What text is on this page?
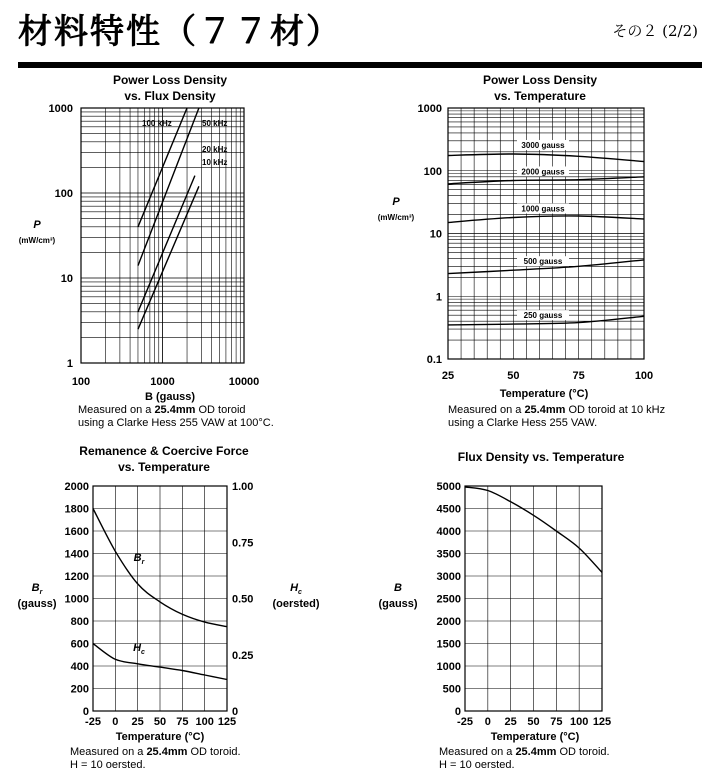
材料特性（７７材）	その２ (2/2)
Power Loss Density
vs. Flux Density
1000
100
10
1
100	1000	10000
B (gauss)
P
(mW/cm³)
100 kHz	50 kHz
20 kHz
10 kHz
Measured on a 25.4mm OD toroid
using a Clarke Hess 255 VAW at 100°C.
Power Loss Density
vs. Temperature
1000
100
10
1
0.1
25	50	75	100
Temperature (°C)
P
(mW/cm³)
3000 gauss
2000 gauss
1000 gauss
500 gauss
250 gauss
Measured on a 25.4mm OD toroid at 10 kHz
using a Clarke Hess 255 VAW.
Remanence & Coercive Force
vs. Temperature
2000
1800
1600
1400
1200
1000
800
600
400
200
0
1.00
0.75
0.50
0.25
0
-25 0 25 50 75 100 125
Temperature (°C)
$B_r$
(gauss)
$H_c$
(oersted)
$B_r$
$H_c$
Measured on a 25.4mm OD toroid.
H = 10 oersted.
Flux Density vs. Temperature
5000
4500
4000
3500
3000
2500
2000
1500
1000
500
0
-25 0 25 50 75 100 125
Temperature (°C)
B
(gauss)
Measured on a 25.4mm OD toroid.
H = 10 oersted.
